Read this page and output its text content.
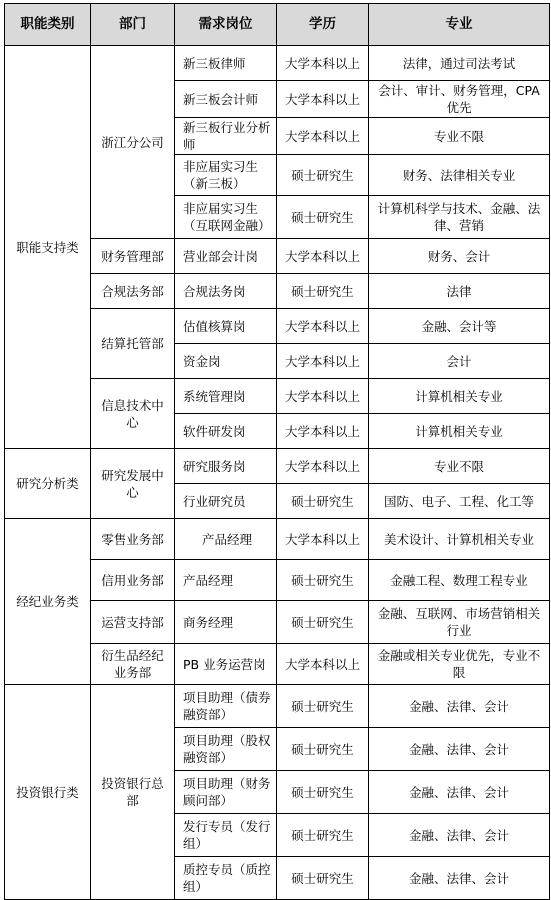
职能类别	部门	需求岗位	学历	专业
职能支持类	浙江分公司	新三板律师	大学本科以上	法律，通过司法考试
		新三板会计师	大学本科以上	会计、审计、财务管理，CPA优先
		新三板行业分析师	大学本科以上	专业不限
		非应届实习生（新三板）	硕士研究生	财务、法律相关专业
		非应届实习生（互联网金融）	硕士研究生	计算机科学与技术、金融、法律、营销
	财务管理部	营业部会计岗	大学本科以上	财务、会计
	合规法务部	合规法务岗	硕士研究生	法律
	结算托管部	估值核算岗	大学本科以上	金融、会计等
		资金岗	大学本科以上	会计
	信息技术中心	系统管理岗	大学本科以上	计算机相关专业
		软件研发岗	大学本科以上	计算机相关专业
研究分析类	研究发展中心	研究服务岗	大学本科以上	专业不限
		行业研究员	硕士研究生	国防、电子、工程、化工等
经纪业务类	零售业务部	产品经理	大学本科以上	美术设计、计算机相关专业
	信用业务部	产品经理	硕士研究生	金融工程、数理工程专业
	运营支持部	商务经理	硕士研究生	金融、互联网、市场营销相关行业
	衍生品经纪业务部	PB 业务运营岗	大学本科以上	金融或相关专业优先，专业不限
投资银行类	投资银行总部	项目助理（债券融资部）	硕士研究生	金融、法律、会计
		项目助理（股权融资部）	硕士研究生	金融、法律、会计
		项目助理（财务顾问部）	硕士研究生	金融、法律、会计
		发行专员（发行组）	硕士研究生	金融、法律、会计
		质控专员（质控组）	硕士研究生	金融、法律、会计
